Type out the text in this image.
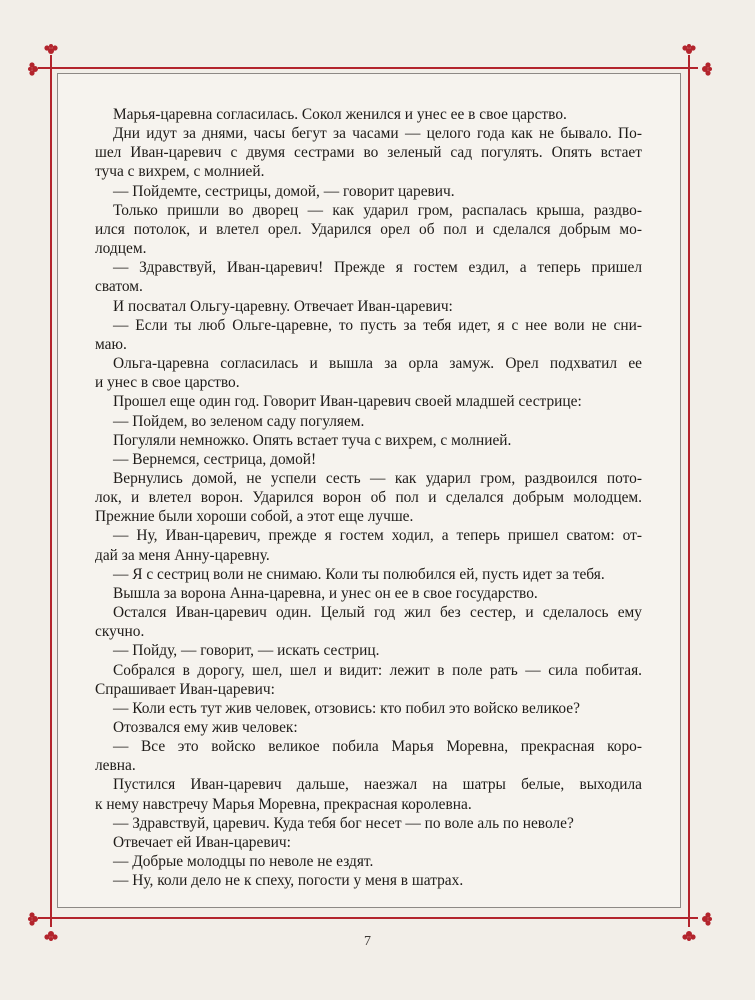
Марья-царевна согласилась. Сокол женился и унес ее в свое царство.
Дни идут за днями, часы бегут за часами — целого года как не бывало. По-
шел Иван-царевич с двумя сестрами во зеленый сад погулять. Опять встает
туча с вихрем, с молнией.
— Пойдемте, сестрицы, домой, — говорит царевич.
Только пришли во дворец — как ударил гром, распалась крыша, раздво-
ился потолок, и влетел орел. Ударился орел об пол и сделался добрым мо-
лодцем.
— Здравствуй, Иван-царевич! Прежде я гостем ездил, а теперь пришел
сватом.
И посватал Ольгу-царевну. Отвечает Иван-царевич:
— Если ты люб Ольге-царевне, то пусть за тебя идет, я с нее воли не сни-
маю.
Ольга-царевна согласилась и вышла за орла замуж. Орел подхватил ее
и унес в свое царство.
Прошел еще один год. Говорит Иван-царевич своей младшей сестрице:
— Пойдем, во зеленом саду погуляем.
Погуляли немножко. Опять встает туча с вихрем, с молнией.
— Вернемся, сестрица, домой!
Вернулись домой, не успели сесть — как ударил гром, раздвоился пото-
лок, и влетел ворон. Ударился ворон об пол и сделался добрым молодцем.
Прежние были хороши собой, а этот еще лучше.
— Ну, Иван-царевич, прежде я гостем ходил, а теперь пришел сватом: от-
дай за меня Анну-царевну.
— Я с сестриц воли не снимаю. Коли ты полюбился ей, пусть идет за тебя.
Вышла за ворона Анна-царевна, и унес он ее в свое государство.
Остался Иван-царевич один. Целый год жил без сестер, и сделалось ему
скучно.
— Пойду, — говорит, — искать сестриц.
Собрался в дорогу, шел, шел и видит: лежит в поле рать — сила побитая.
Спрашивает Иван-царевич:
— Коли есть тут жив человек, отзовись: кто побил это войско великое?
Отозвался ему жив человек:
— Все это войско великое побила Марья Моревна, прекрасная коро-
левна.
Пустился Иван-царевич дальше, наезжал на шатры белые, выходила
к нему навстречу Марья Моревна, прекрасная королевна.
— Здравствуй, царевич. Куда тебя бог несет — по воле аль по неволе?
Отвечает ей Иван-царевич:
— Добрые молодцы по неволе не ездят.
— Ну, коли дело не к спеху, погости у меня в шатрах.
7
